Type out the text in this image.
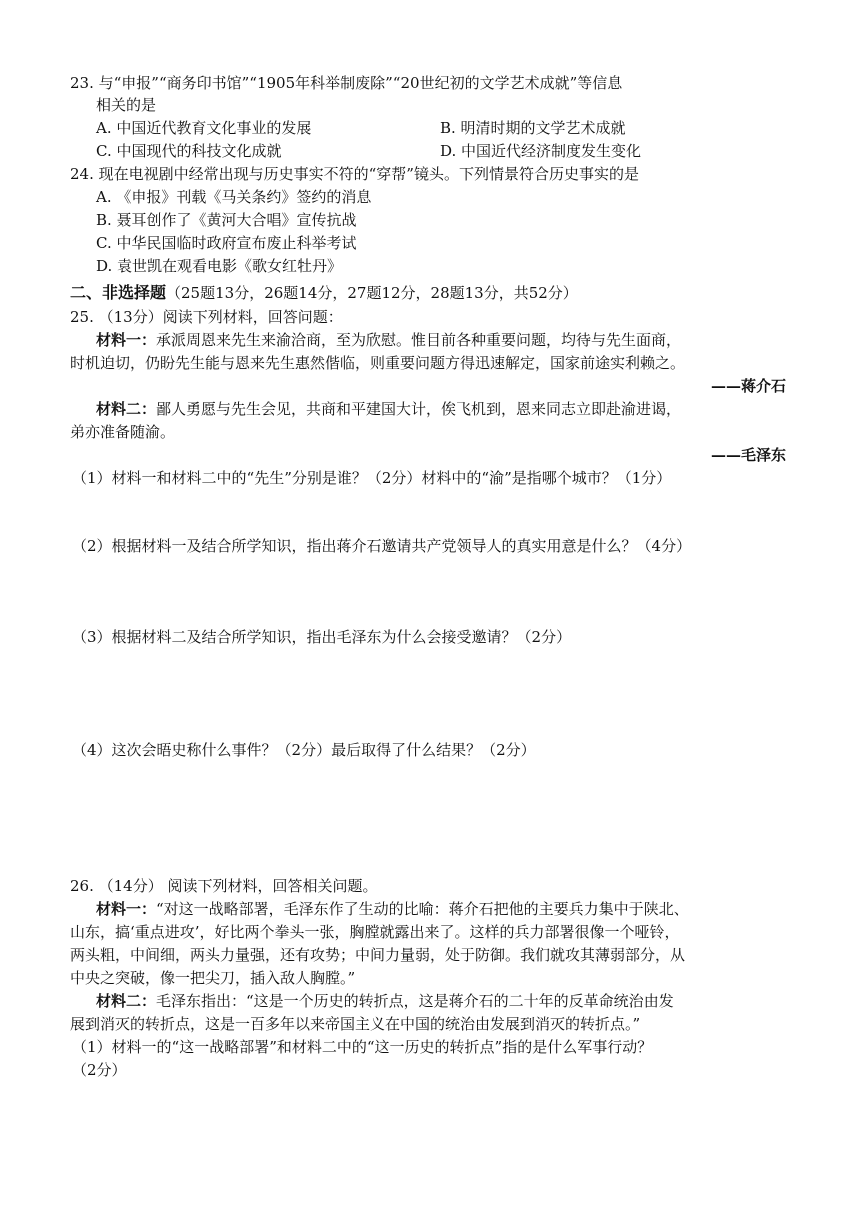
23. 与“申报”“商务印书馆”“1905年科举制废除”“20世纪初的文学艺术成就”等信息
相关的是
A. 中国近代教育文化事业的发展	B. 明清时期的文学艺术成就
C. 中国现代的科技文化成就	D. 中国近代经济制度发生变化
24. 现在电视剧中经常出现与历史事实不符的“穿帮”镜头。下列情景符合历史事实的是
A. 《申报》刊载《马关条约》签约的消息
B. 聂耳创作了《黄河大合唱》宣传抗战
C. 中华民国临时政府宣布废止科举考试
D. 袁世凯在观看电影《歌女红牡丹》
二、非选择题（25题13分，26题14分，27题12分，28题13分，共52分）
25. （13分）阅读下列材料，回答问题：
材料一：承派周恩来先生来渝洽商，至为欣慰。惟目前各种重要问题，均待与先生面商，
时机迫切，仍盼先生能与恩来先生惠然偕临，则重要问题方得迅速解定，国家前途实利赖之。
——蒋介石
材料二：鄙人勇愿与先生会见，共商和平建国大计，俟飞机到，恩来同志立即赴渝进谒，
弟亦准备随渝。
——毛泽东
（1）材料一和材料二中的“先生”分别是谁？（2分）材料中的“渝”是指哪个城市？（1分）
（2）根据材料一及结合所学知识，指出蒋介石邀请共产党领导人的真实用意是什么？（4分）
（3）根据材料二及结合所学知识，指出毛泽东为什么会接受邀请？（2分）
（4）这次会晤史称什么事件？（2分）最后取得了什么结果？（2分）
26. （14分） 阅读下列材料，回答相关问题。
材料一：“对这一战略部署，毛泽东作了生动的比喻：蒋介石把他的主要兵力集中于陕北、
山东，搞‘重点进攻’，好比两个拳头一张，胸膛就露出来了。这样的兵力部署很像一个哑铃，
两头粗，中间细，两头力量强，还有攻势；中间力量弱，处于防御。我们就攻其薄弱部分，从
中央之突破，像一把尖刀，插入敌人胸膛。”
材料二：毛泽东指出：“这是一个历史的转折点，这是蒋介石的二十年的反革命统治由发
展到消灭的转折点，这是一百多年以来帝国主义在中国的统治由发展到消灭的转折点。”
（1）材料一的“这一战略部署”和材料二中的“这一历史的转折点”指的是什么军事行动？
（2分）
